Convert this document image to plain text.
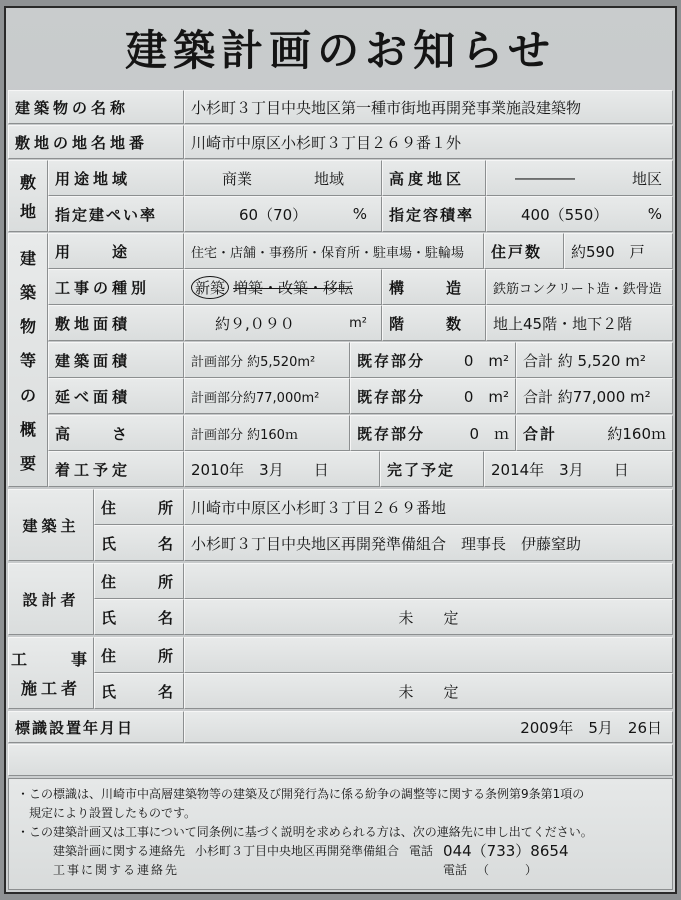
建築計画のお知らせ
建築物の名称	小杉町３丁目中央地区第一種市街地再開発事業施設建築物
敷地の地名地番	川崎市中原区小杉町３丁目２６９番１外
敷
地
用途地域	商業	地域	高度地区	――――	地区
指定建ぺい率	60（70）	%	指定容積率	400（550）	%
建
築
物
等
の
概
要
用　　途	住宅・店舗・事務所・保育所・駐車場・駐輪場	住戸数	約590　戸
工事の種別	新築 増築・改築・移転	構　　造	鉄筋コンクリート造・鉄骨造
敷地面積	約９,０９０	m²	階　　数	地上45階・地下２階
建築面積	計画部分 約5,520m²	既存部分	0　m² 合計 約 5,520 m²
延べ面積	計画部分約77,000m²	既存部分	0　m² 合計 約77,000 m²
高　　さ	計画部分 約160ｍ	既存部分	0　ｍ 合計	約160ｍ
着工予定	2010年　3月　　日	完了予定	2014年　3月　　日
建築主
住　　所 川崎市中原区小杉町３丁目２６９番地
氏　　名 小杉町３丁目中央地区再開発準備組合　理事長　伊藤窒助
設計者
住　　所
氏　　名	未　　定
工　　事
施工者
住　　所
氏　　名	未　　定
標識設置年月日	2009年　5月　26日
・この標識は、川崎市中高層建築物等の建築及び開発行為に係る紛争の調整等に関する条例第9条第1項の
　規定により設置したものです。
・この建築計画又は工事について同条例に基づく説明を求められる方は、次の連絡先に申し出てください。
建築計画に関する連絡先 小杉町３丁目中央地区再開発準備組合 電話 044（733）8654
工事に関する連絡先	電話 （　　　）
